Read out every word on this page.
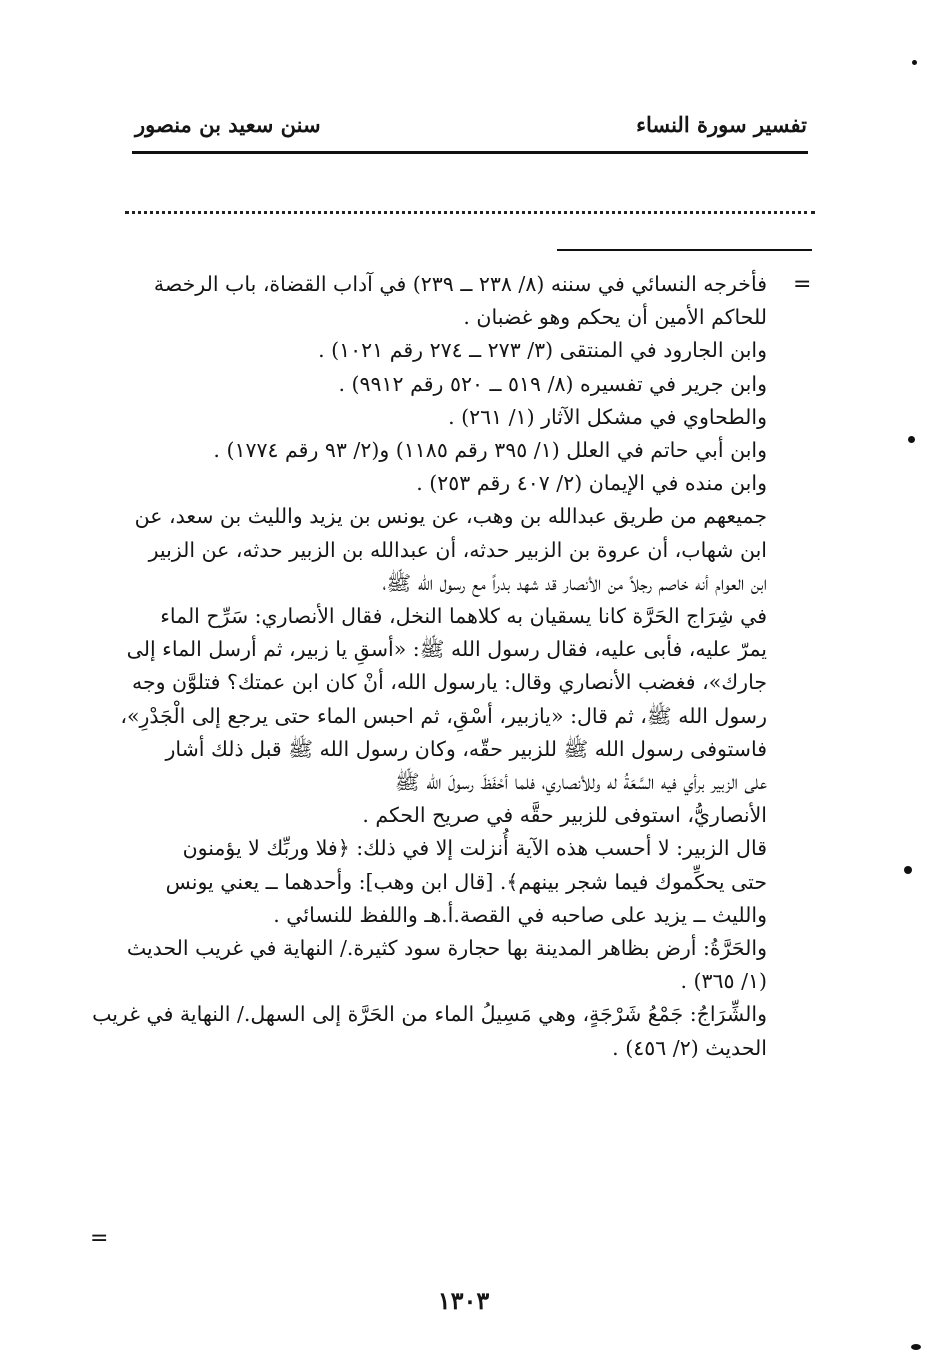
تفسير سورة النساء
سنن سعيد بن منصور
=
فأخرجه النسائي في سننه (٨/ ٢٣٨ ــ ٢٣٩) في آداب القضاة، باب الرخصة
للحاكم الأمين أن يحكم وهو غضبان .
وابن الجارود في المنتقى (٣/ ٢٧٣ ــ ٢٧٤ رقم ١٠٢١) .
وابن جرير في تفسيره (٨/ ٥١٩ ــ ٥٢٠ رقم ٩٩١٢) .
والطحاوي في مشكل الآثار (١/ ٢٦١) .
وابن أبي حاتم في العلل (١/ ٣٩٥ رقم ١١٨٥) و(٢/ ٩٣ رقم ١٧٧٤) .
وابن منده في الإيمان (٢/ ٤٠٧ رقم ٢٥٣) .
جميعهم من طريق عبدالله بن وهب، عن يونس بن يزيد والليث بن سعد، عن
ابن شهاب، أن عروة بن الزبير حدثه، أن عبدالله بن الزبير حدثه، عن الزبير
ابن العوام أنه خاصم رجلاً من الأنصار قد شهد بدراً مع رسول الله ﷺ،
في شِرَاج الحَرَّة كانا يسقيان به كلاهما النخل، فقال الأنصاري: سَرِّح الماء
يمرّ عليه، فأبى عليه، فقال رسول الله ﷺ: «أسقِ يا زبير، ثم أرسل الماء إلى
جارك»، فغضب الأنصاري وقال: يارسول الله، أنْ كان ابن عمتك؟ فتلوَّن وجه
رسول الله ﷺ، ثم قال: «يازبير، أسْقِ، ثم احبس الماء حتى يرجع إلى الْجَدْرِ»،
فاستوفى رسول الله ﷺ للزبير حقّه، وكان رسول الله ﷺ قبل ذلك أشار
على الزبير برأي فيه السَّعَةُ له وللأنصاري، فلما أحْفَظَ رسولَ الله ﷺ
الأنصاريُّ، استوفى للزبير حقَّه في صريح الحكم .
قال الزبير: لا أحسب هذه الآية أُنزلت إلا في ذلك: ﴿فلا وربِّك لا يؤمنون
حتى يحكِّموك فيما شجر بينهم﴾. [قال ابن وهب]: وأحدهما ــ يعني يونس
والليث ــ يزيد على صاحبه في القصة.أ.هـ واللفظ للنسائي .
والحَرَّةُ: أرض بظاهر المدينة بها حجارة سود كثيرة./ النهاية في غريب الحديث
(١/ ٣٦٥) .
والشِّرَاجُ: جَمْعُ شَرْجَةٍ، وهي مَسِيلُ الماء من الحَرَّة إلى السهل./ النهاية في غريب
الحديث (٢/ ٤٥٦) .
=
١٣٠٣
